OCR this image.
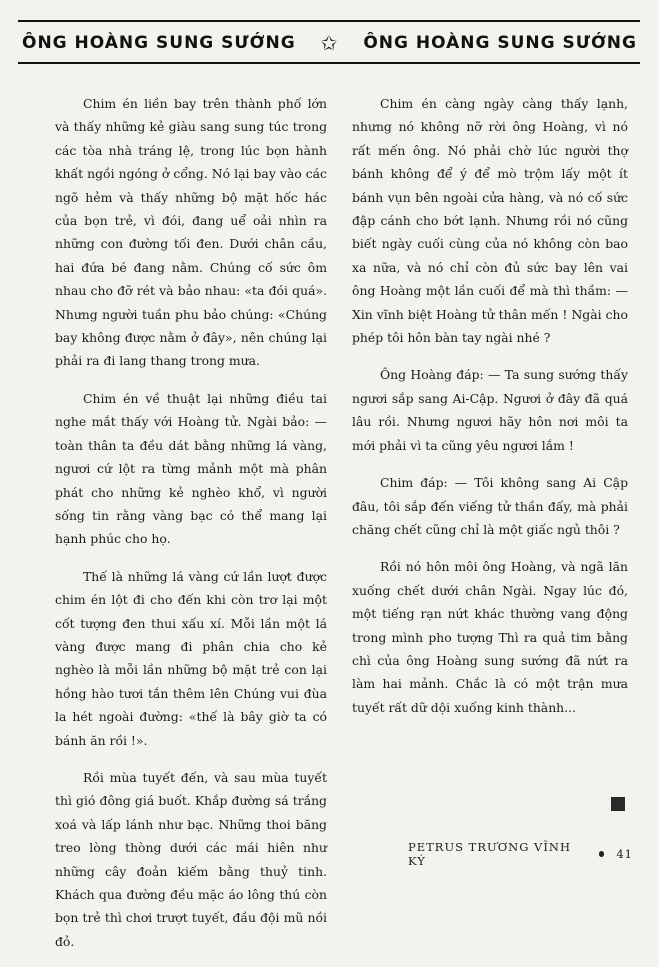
ÔNG HOÀNG SUNG SƯỚNG ✩ ÔNG HOÀNG SUNG SƯỚNG

Chim én liền bay trên thành phố lớn và thấy những kẻ giàu sang sung túc trong các tòa nhà tráng lệ, trong lúc bọn hành khất ngồi ngóng ở cổng. Nó lại bay vào các ngõ hẻm và thấy những bộ mặt hốc hác của bọn trẻ, vì đói, đang uể oải nhìn ra những con đường tối đen. Dưới chân cầu, hai đứa bé đang nằm. Chúng cố sức ôm nhau cho đỡ rét và bảo nhau: «ta đói quá». Nhưng người tuần phu bảo chúng: «Chúng bay không được nằm ở đây», nên chúng lại phải ra đi lang thang trong mưa.

Chim én về thuật lại những điều tai nghe mắt thấy với Hoàng tử. Ngài bảo: — toàn thân ta đều dát bằng những lá vàng, ngươi cứ lột ra từng mảnh một mà phân phát cho những kẻ nghèo khổ, vì người sống tin rằng vàng bạc có thể mang lại hạnh phúc cho họ.

Thế là những lá vàng cứ lần lượt được chim én lột đi cho đến khi còn trơ lại một cốt tượng đen thui xấu xí. Mỗi lần một lá vàng được mang đi phân chia cho kẻ nghèo là mỗi lần những bộ mặt trẻ con lại hồng hào tươi tắn thêm lên Chúng vui đùa la hét ngoài đường: «thế là bây giờ ta có bánh ăn rồi !».

Rồi mùa tuyết đến, và sau mùa tuyết thì gió đông giá buốt. Khắp đường sá trắng xoá và lấp lánh như bạc. Những thoi băng treo lòng thòng dưới các mái hiên như những cây đoản kiếm bằng thuỷ tinh. Khách qua đường đều mặc áo lông thú còn bọn trẻ thì chơi trượt tuyết, đầu đội mũ nồi đỏ.

Chim én càng ngày càng thấy lạnh, nhưng nó không nỡ rời ông Hoàng, vì nó rất mến ông. Nó phải chờ lúc người thợ bánh không để ý để mò trộm lấy một ít bánh vụn bên ngoài cửa hàng, và nó cố sức đập cánh cho bớt lạnh. Nhưng rồi nó cũng biết ngày cuối cùng của nó không còn bao xa nữa, và nó chỉ còn đủ sức bay lên vai ông Hoàng một lần cuối để mà thì thầm: — Xin vĩnh biệt Hoàng tử thân mến ! Ngài cho phép tôi hôn bàn tay ngài nhé ?

Ông Hoàng đáp: — Ta sung sướng thấy ngươi sắp sang Ai-Cập. Ngươi ở đây đã quá lâu rồi. Nhưng ngươi hãy hôn nơi môi ta mới phải vì ta cũng yêu ngươi lắm !

Chim đáp: — Tôi không sang Ai Cập đâu, tôi sắp đến viếng tử thần đấy, mà phải chăng chết cũng chỉ là một giấc ngủ thôi ?

Rồi nó hôn môi ông Hoàng, và ngã lăn xuống chết dưới chân Ngài. Ngay lúc đó, một tiếng rạn nứt khác thường vang động trong mình pho tượng Thì ra quả tim bằng chì của ông Hoàng sung sướng đã nứt ra làm hai mảnh. Chắc là có một trận mưa tuyết rất dữ dội xuống kinh thành...

PETRUS TRƯƠNG VĨNH KÝ	41
